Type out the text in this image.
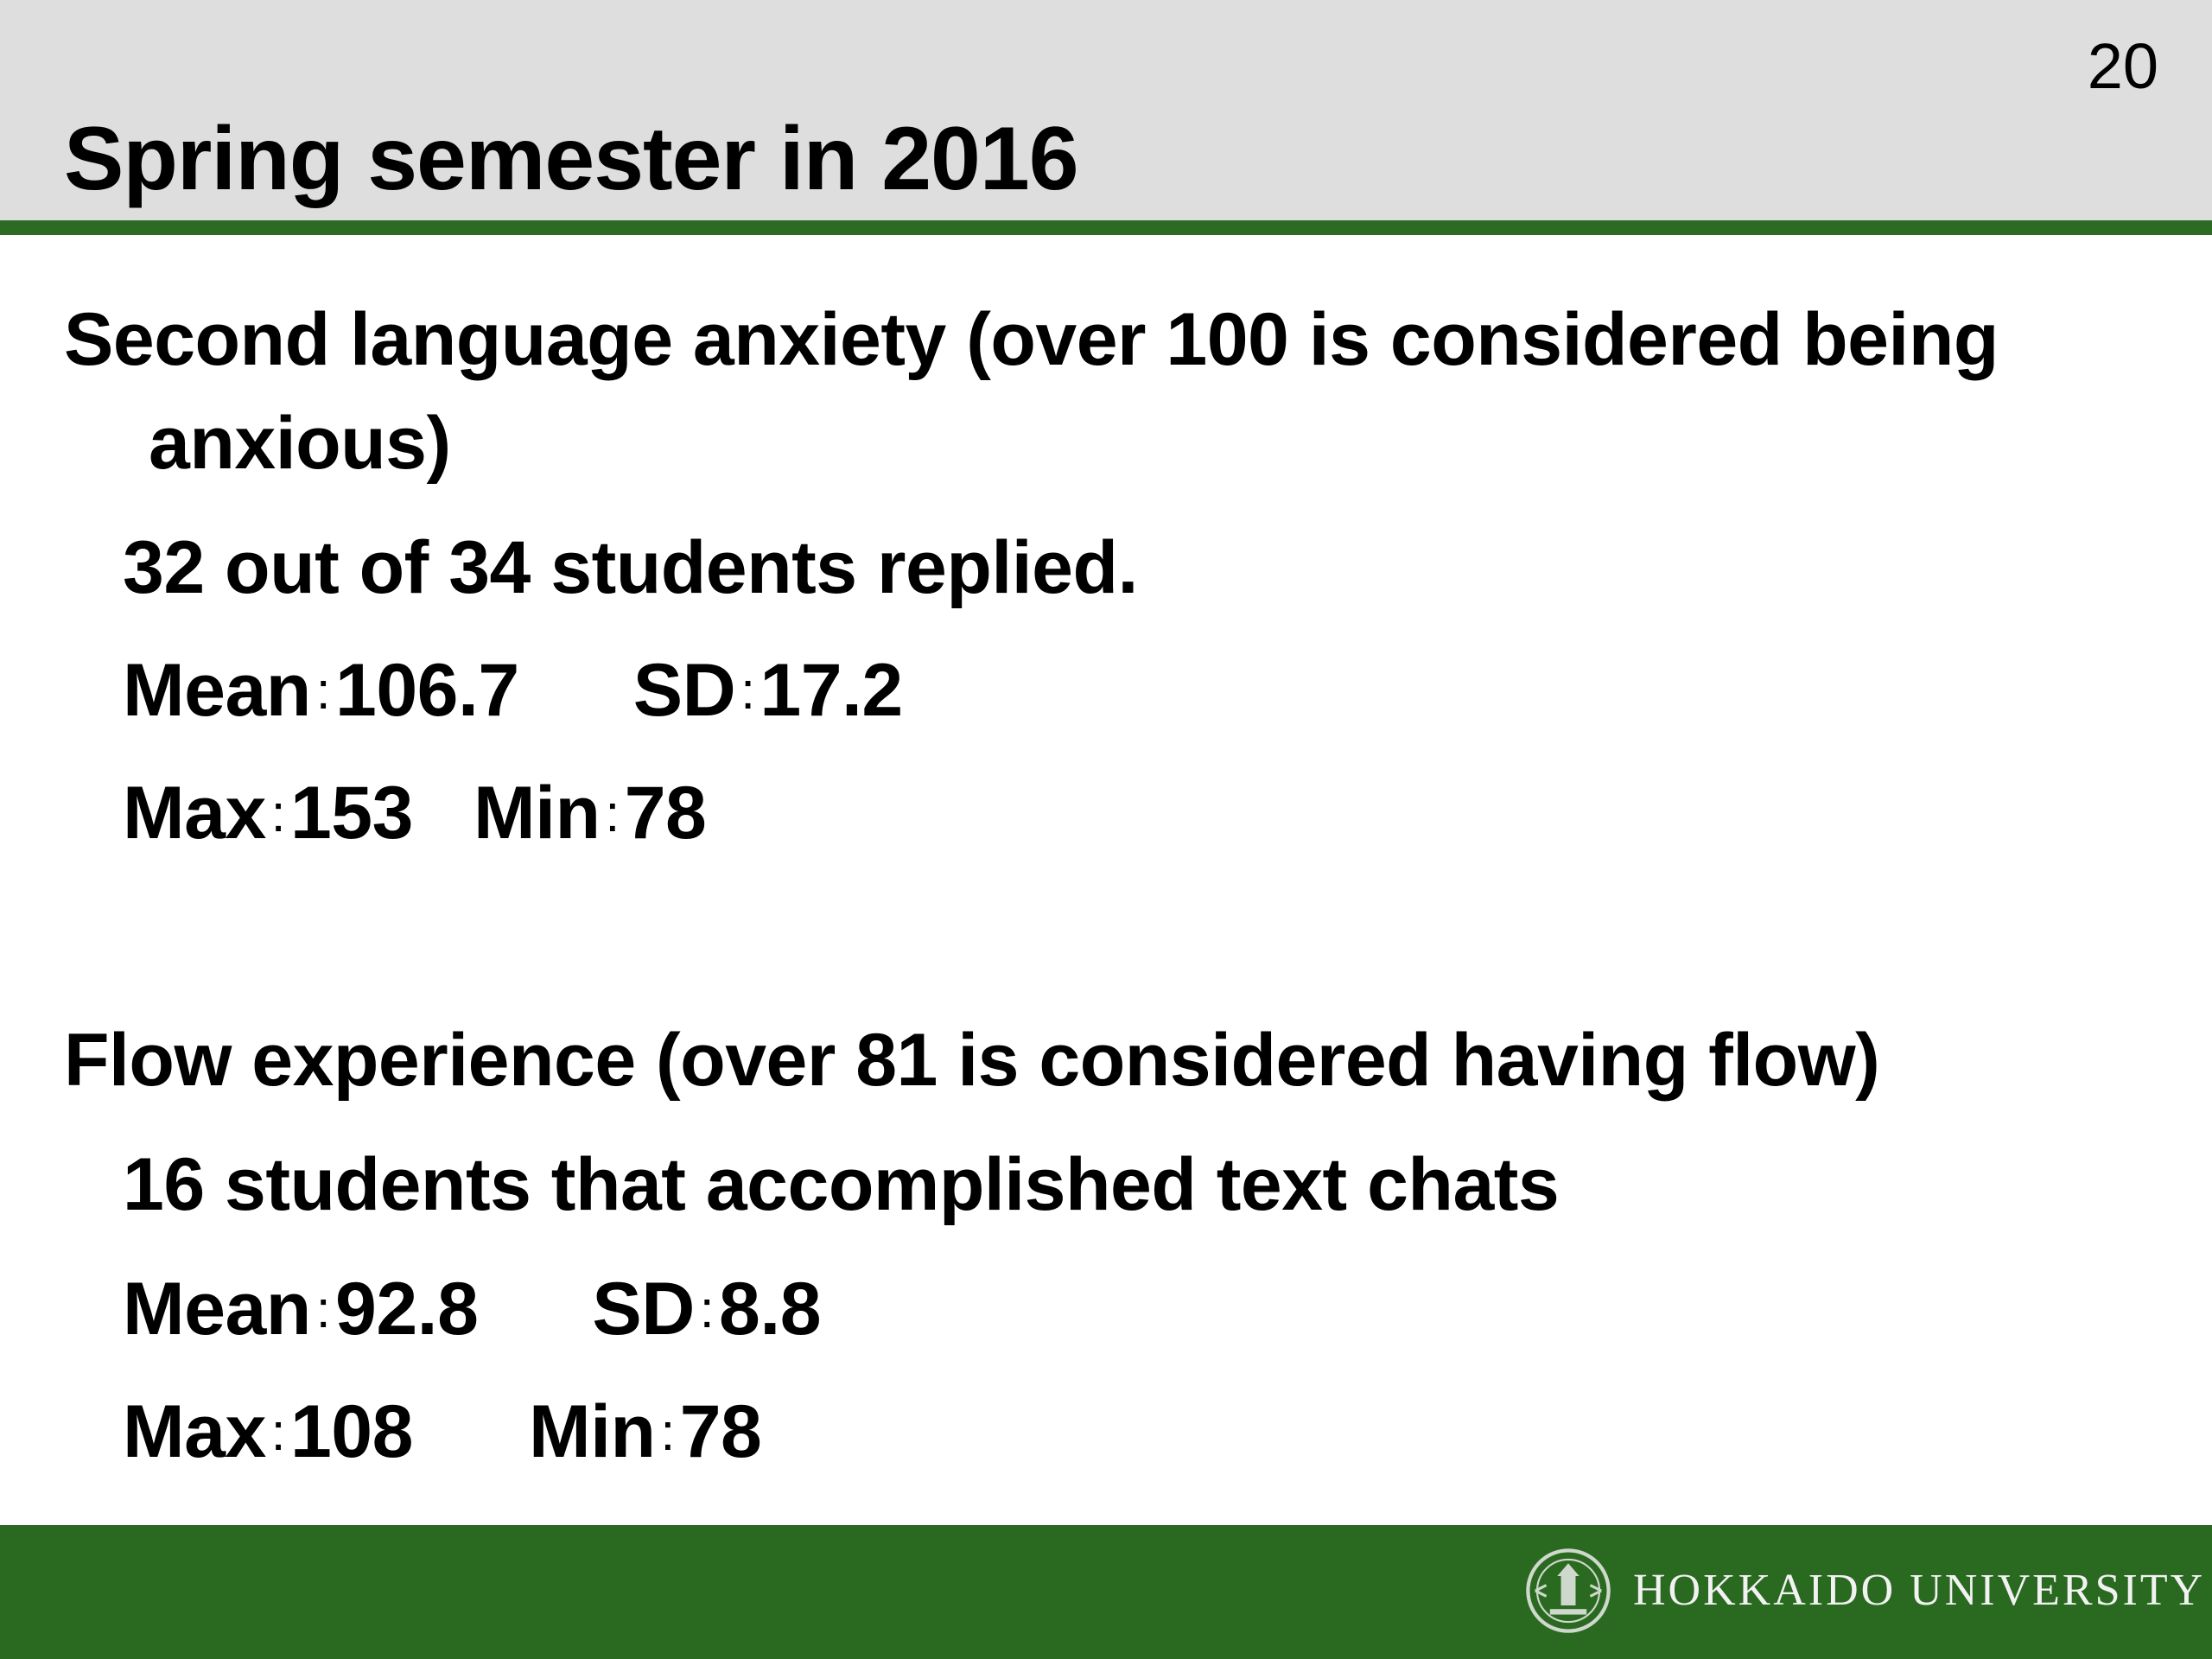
20
Spring semester in 2016
Second language anxiety (over 100 is considered being
anxious)
32 out of 34 students replied.
Mean :106.7 SD :17.2
Max :153 Min :78
Flow experience (over 81 is considered having flow)
16 students that accomplished text chats
Mean :92.8 SD :8.8
Max :108 Min :78
HOKKAIDO UNIVERSITY
